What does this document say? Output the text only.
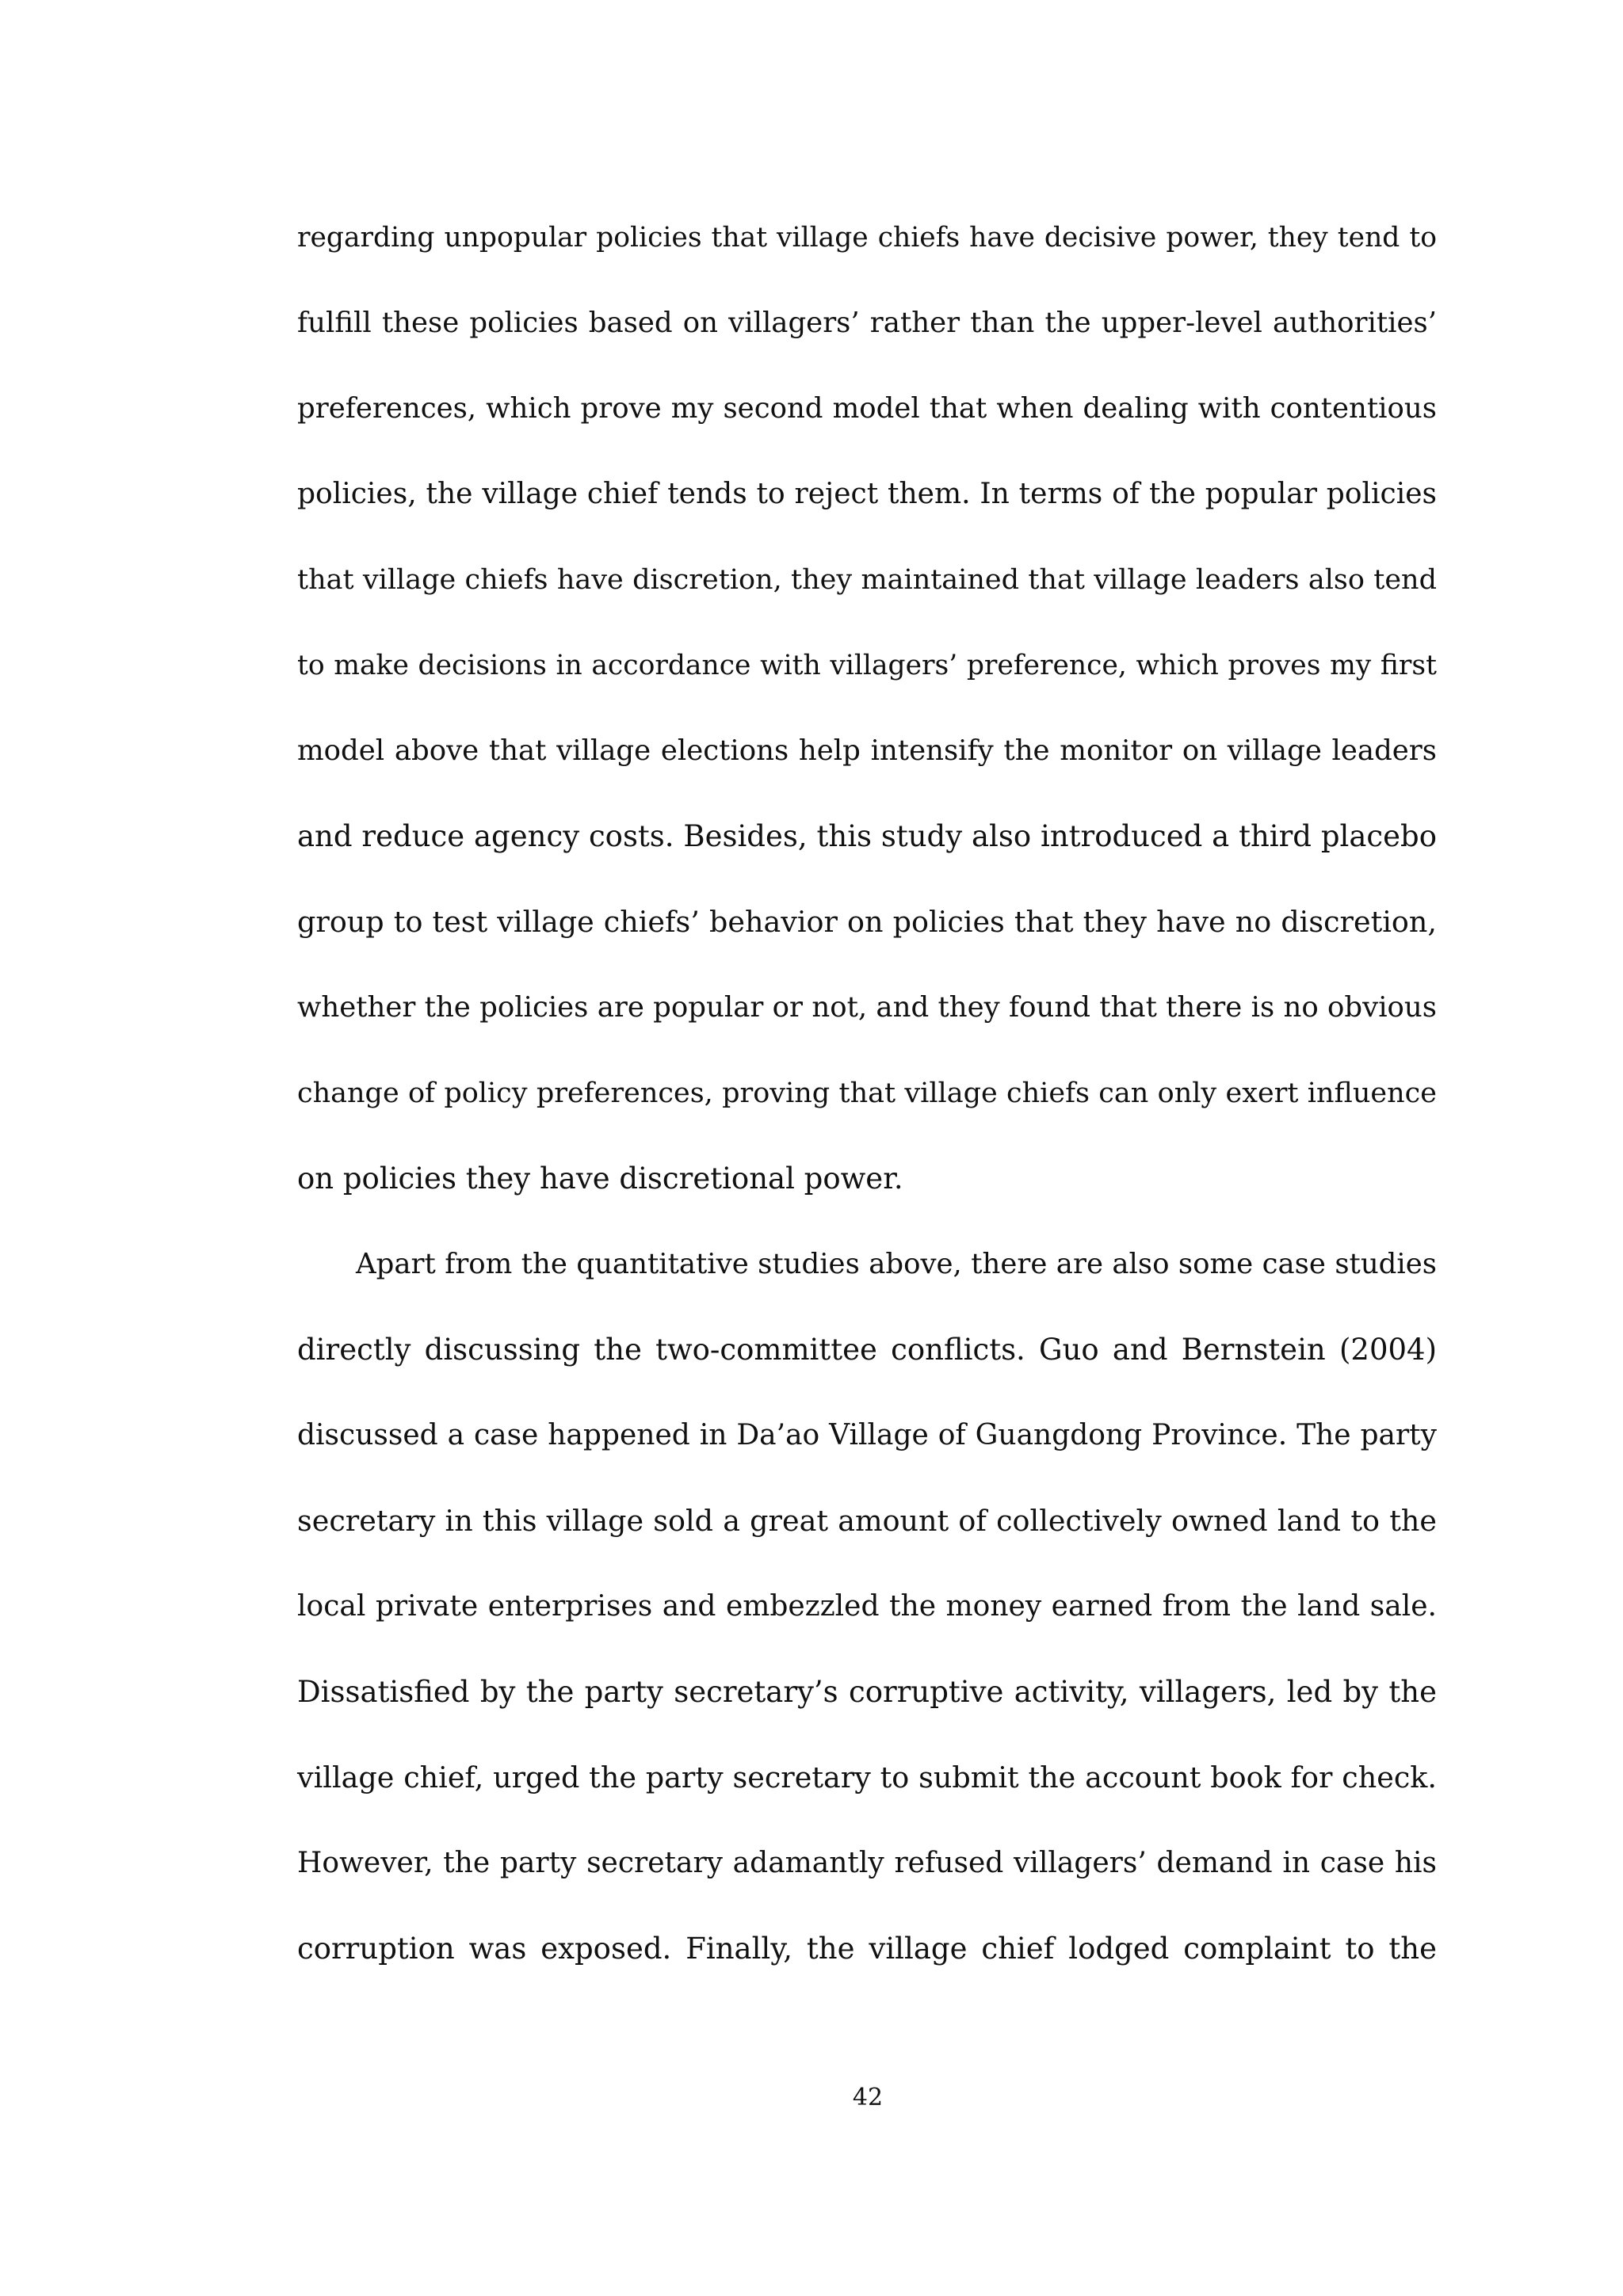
regarding unpopular policies that village chiefs have decisive power, they tend to
fulfill these policies based on villagers’ rather than the upper-level authorities’
preferences, which prove my second model that when dealing with contentious
policies, the village chief tends to reject them. In terms of the popular policies
that village chiefs have discretion, they maintained that village leaders also tend
to make decisions in accordance with villagers’ preference, which proves my first
model above that village elections help intensify the monitor on village leaders
and reduce agency costs. Besides, this study also introduced a third placebo
group to test village chiefs’ behavior on policies that they have no discretion,
whether the policies are popular or not, and they found that there is no obvious
change of policy preferences, proving that village chiefs can only exert influence
on policies they have discretional power.
Apart from the quantitative studies above, there are also some case studies
directly discussing the two-committee conflicts. Guo and Bernstein (2004)
discussed a case happened in Da’ao Village of Guangdong Province. The party
secretary in this village sold a great amount of collectively owned land to the
local private enterprises and embezzled the money earned from the land sale.
Dissatisfied by the party secretary’s corruptive activity, villagers, led by the
village chief, urged the party secretary to submit the account book for check.
However, the party secretary adamantly refused villagers’ demand in case his
corruption was exposed. Finally, the village chief lodged complaint to the
42
